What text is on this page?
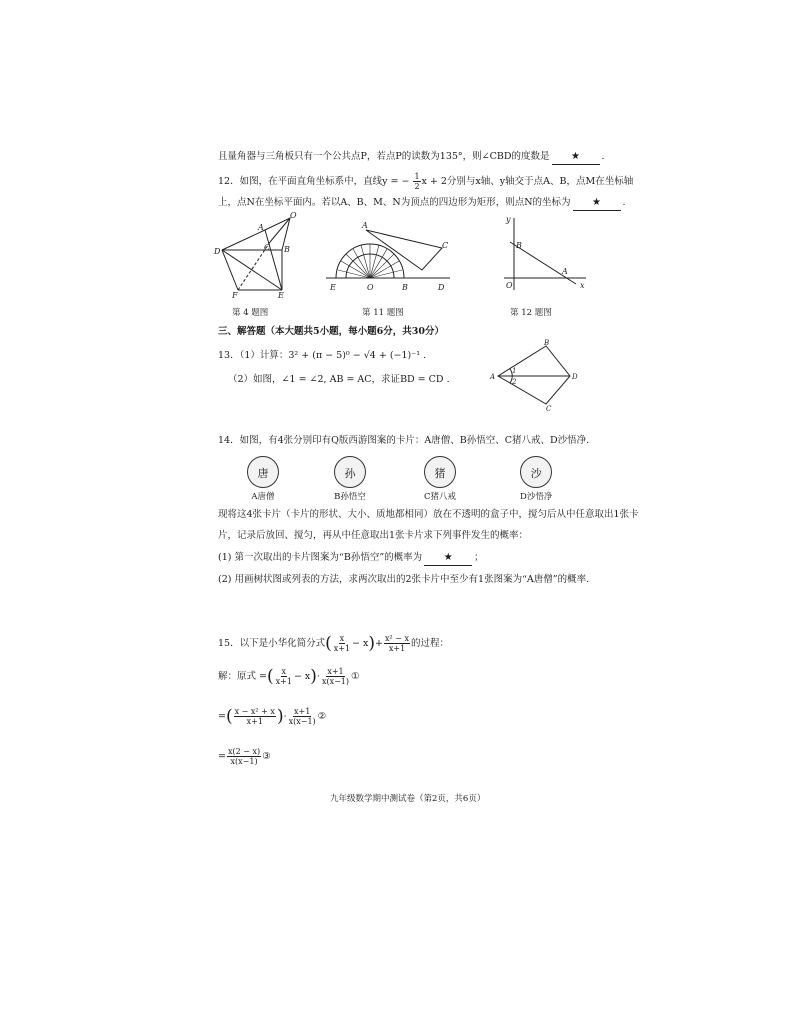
且量角器与三角板只有一个公共点P，若点P的读数为135°，则∠CBD的度数是 ★ .
12．如图，在平面直角坐标系中，直线y = − $\frac{1}{2}$ x + 2分别与x轴、y轴交于点A、B，点M在坐标轴
上，点N在坐标平面内。若以A、B、M、N为顶点的四边形为矩形，则点N的坐标为 ★ .
O
A
C B
D
F	E
第 4 题图
A
C
E	O	B	D
第 11 题图
y
B
A
O	x
第 12 题图
三、解答题（本大题共5小题，每小题6分，共30分）
13．（1）计算：3² + (π − 5)⁰ − √4 + (−1)⁻¹ .
（2）如图，∠1 = ∠2, AB = AC，求证BD = CD .
B
A
1
2
D
C
14．如图，有4张分别印有Q版西游图案的卡片：A唐僧、B孙悟空、C猪八戒、D沙悟净.
唐
A唐僧
孙
B孙悟空
猪
C猪八戒
沙
D沙悟净
现将这4张卡片（卡片的形状、大小、质地都相同）放在不透明的盒子中，搅匀后从中任意取出1张卡
片，记录后放回、搅匀，再从中任意取出1张卡片求下列事件发生的概率：
(1) 第一次取出的卡片图案为“B孙悟空”的概率为 ★ ；
(2) 用画树状图或列表的方法，求两次取出的2张卡片中至少有1张图案为“A唐僧”的概率.
15．以下是小华化简分式( $\frac{x}{x+1} - x)+ \frac{\text{x² − x}}{x+1}$ 的过程：
解：原式 =( $\frac{x}{x+1} - x)\cdot \frac{x+1}{x(x-1)}$ ①
=( $\frac{\text{x − x² + x}}{x+1}$ )· $\frac{x+1}{x(x-1)}$ ②
= $\frac{x(2 - x)}{x(x-1)}$ ③
九年级数学期中测试卷（第2页，共6页）
